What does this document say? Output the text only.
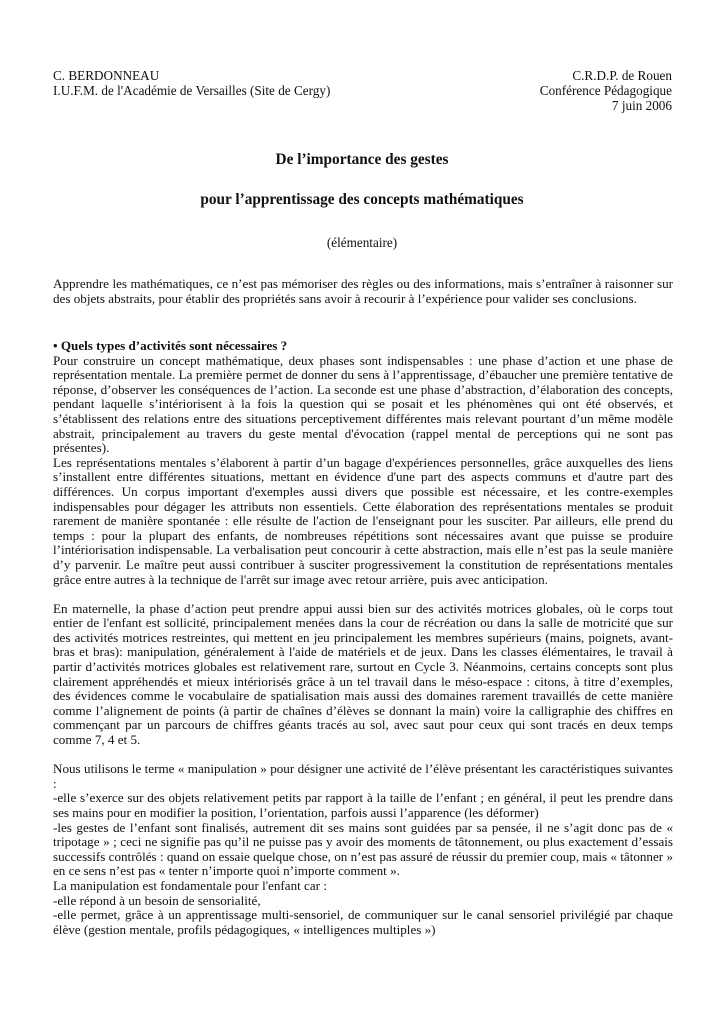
C. BERDONNEAU
I.U.F.M. de l'Académie de Versailles (Site de Cergy)
C.R.D.P. de Rouen
Conférence Pédagogique
7 juin 2006
De l’importance des gestes
pour l’apprentissage des concepts mathématiques
(élémentaire)
Apprendre les mathématiques, ce n’est pas mémoriser des règles ou des informations, mais s’entraîner à raisonner sur des objets abstraits, pour établir des propriétés sans avoir à recourir à l’expérience pour valider ses conclusions.

• Quels types d’activités sont nécessaires ?

Pour construire un concept mathématique, deux phases sont indispensables : une phase d’action et une phase de représentation mentale. La première permet de donner du sens à l’apprentissage, d’ébaucher une première tentative de réponse, d’observer les conséquences de l’action. La seconde est une phase d’abstraction, d’élaboration des concepts, pendant laquelle s’intériorisent à la fois la question qui se posait et les phénomènes qui ont été observés, et s’établissent des relations entre des situations perceptivement différentes mais relevant pourtant d’un même modèle abstrait, principalement au travers du geste mental d'évocation (rappel mental de perceptions qui ne sont pas présentes).

Les représentations mentales s’élaborent à partir d’un bagage d'expériences personnelles, grâce auxquelles des liens s’installent entre différentes situations, mettant en évidence d'une part des aspects communs et d'autre part des différences. Un corpus important d'exemples aussi divers que possible est nécessaire, et les contre-exemples indispensables pour dégager les attributs non essentiels. Cette élaboration des représentations mentales se produit rarement de manière spontanée : elle résulte de l'action de l'enseignant pour les susciter. Par ailleurs, elle prend du temps : pour la plupart des enfants, de nombreuses répétitions sont nécessaires avant que puisse se produire l’intériorisation indispensable. La verbalisation peut concourir à cette abstraction, mais elle n’est pas la seule manière d’y parvenir. Le maître peut aussi contribuer à susciter progressivement la constitution de représentations mentales grâce entre autres à la technique de l'arrêt sur image avec retour arrière, puis avec anticipation.

En maternelle, la phase d’action peut prendre appui aussi bien sur des activités motrices globales, où le corps tout entier de l'enfant est sollicité, principalement menées dans la cour de récréation ou dans la salle de motricité que sur des activités motrices restreintes, qui mettent en jeu principalement les membres supérieurs (mains, poignets, avant-bras et bras): manipulation, généralement à l'aide de matériels et de jeux. Dans les classes élémentaires, le travail à partir d’activités motrices globales est relativement rare, surtout en Cycle 3. Néanmoins, certains concepts sont plus clairement appréhendés et mieux intériorisés grâce à un tel travail dans le méso-espace : citons, à titre d’exemples, des évidences comme le vocabulaire de spatialisation mais aussi des domaines rarement travaillés de cette manière comme l’alignement de points (à partir de chaînes d’élèves se donnant la main) voire la calligraphie des chiffres en commençant par un parcours de chiffres géants tracés au sol, avec saut pour ceux qui sont tracés en deux temps comme 7, 4 et 5.

Nous utilisons le terme « manipulation » pour désigner une activité de l’élève présentant les caractéristiques suivantes :

-elle s’exerce sur des objets relativement petits par rapport à la taille de l’enfant ; en général, il peut les prendre dans ses mains pour en modifier la position, l’orientation, parfois aussi l’apparence (les déformer)

-les gestes de l’enfant sont finalisés, autrement dit ses mains sont guidées par sa pensée, il ne s’agit donc pas de « tripotage » ; ceci ne signifie pas qu’il ne puisse pas y avoir des moments de tâtonnement, ou plus exactement d’essais successifs contrôlés : quand on essaie quelque chose, on n’est pas assuré de réussir du premier coup, mais « tâtonner » en ce sens n’est pas « tenter n’importe quoi n’importe comment ».

La manipulation est fondamentale pour l'enfant car :

-elle répond à un besoin de sensorialité,

-elle permet, grâce à un apprentissage multi-sensoriel, de communiquer sur le canal sensoriel privilégié par chaque élève (gestion mentale, profils pédagogiques, « intelligences multiples »)
